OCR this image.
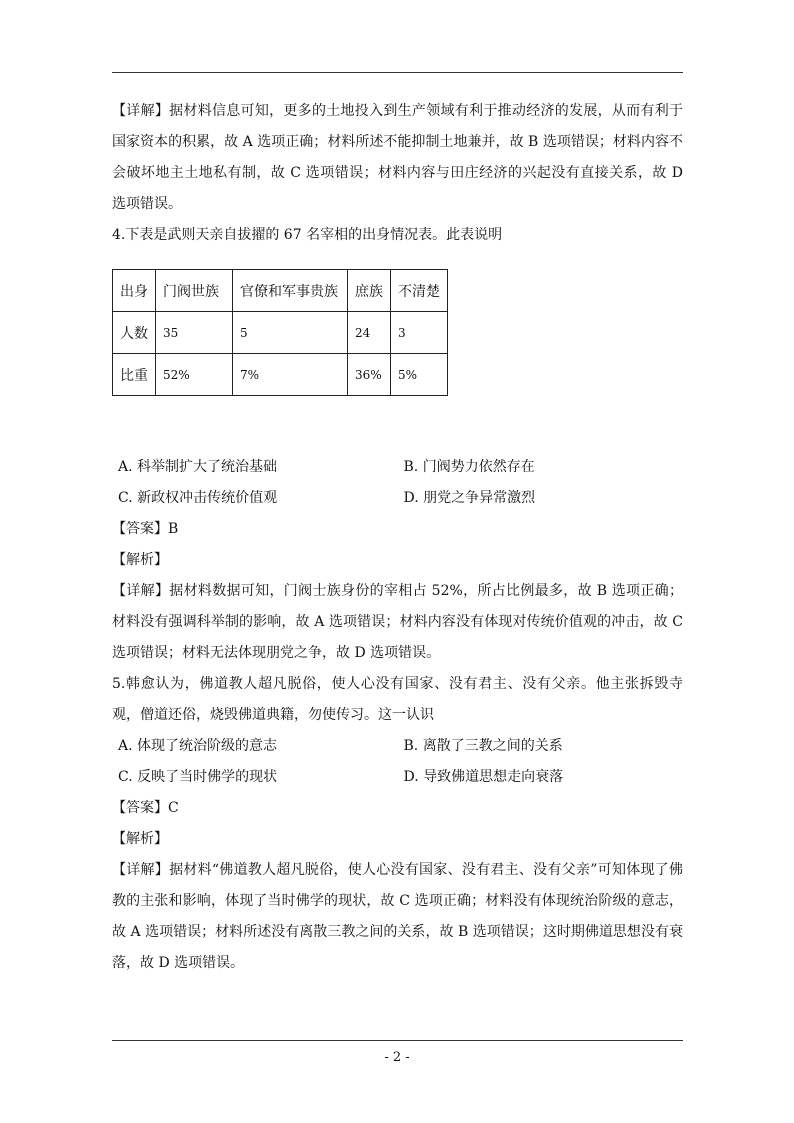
【详解】据材料信息可知，更多的土地投入到生产领域有利于推动经济的发展，从而有利于国家资本的积累，故 A 选项正确；材料所述不能抑制土地兼并，故 B 选项错误；材料内容不会破坏地主土地私有制，故 C 选项错误；材料内容与田庄经济的兴起没有直接关系，故 D 选项错误。

4.下表是武则天亲自拔擢的 67 名宰相的出身情况表。此表说明

出身	门阀世族	官僚和军事贵族	庶族	不清楚
人数	35	5	24	3
比重	52%	7%	36%	5%
A. 科举制扩大了统治基础	B. 门阀势力依然存在
C. 新政权冲击传统价值观	D. 朋党之争异常激烈

【答案】B

【解析】

【详解】据材料数据可知，门阀士族身份的宰相占 52%，所占比例最多，故 B 选项正确；材料没有强调科举制的影响，故 A 选项错误；材料内容没有体现对传统价值观的冲击，故 C 选项错误；材料无法体现朋党之争，故 D 选项错误。

5.韩愈认为，佛道教人超凡脱俗，使人心没有国家、没有君主、没有父亲。他主张拆毁寺观，僧道还俗，烧毁佛道典籍，勿使传习。这一认识

A. 体现了统治阶级的意志	B. 离散了三教之间的关系
C. 反映了当时佛学的现状	D. 导致佛道思想走向衰落

【答案】C

【解析】

【详解】据材料“佛道教人超凡脱俗，使人心没有国家、没有君主、没有父亲”可知体现了佛教的主张和影响，体现了当时佛学的现状，故 C 选项正确；材料没有体现统治阶级的意志，故 A 选项错误；材料所述没有离散三教之间的关系，故 B 选项错误；这时期佛道思想没有衰落，故 D 选项错误。

- 2 -
